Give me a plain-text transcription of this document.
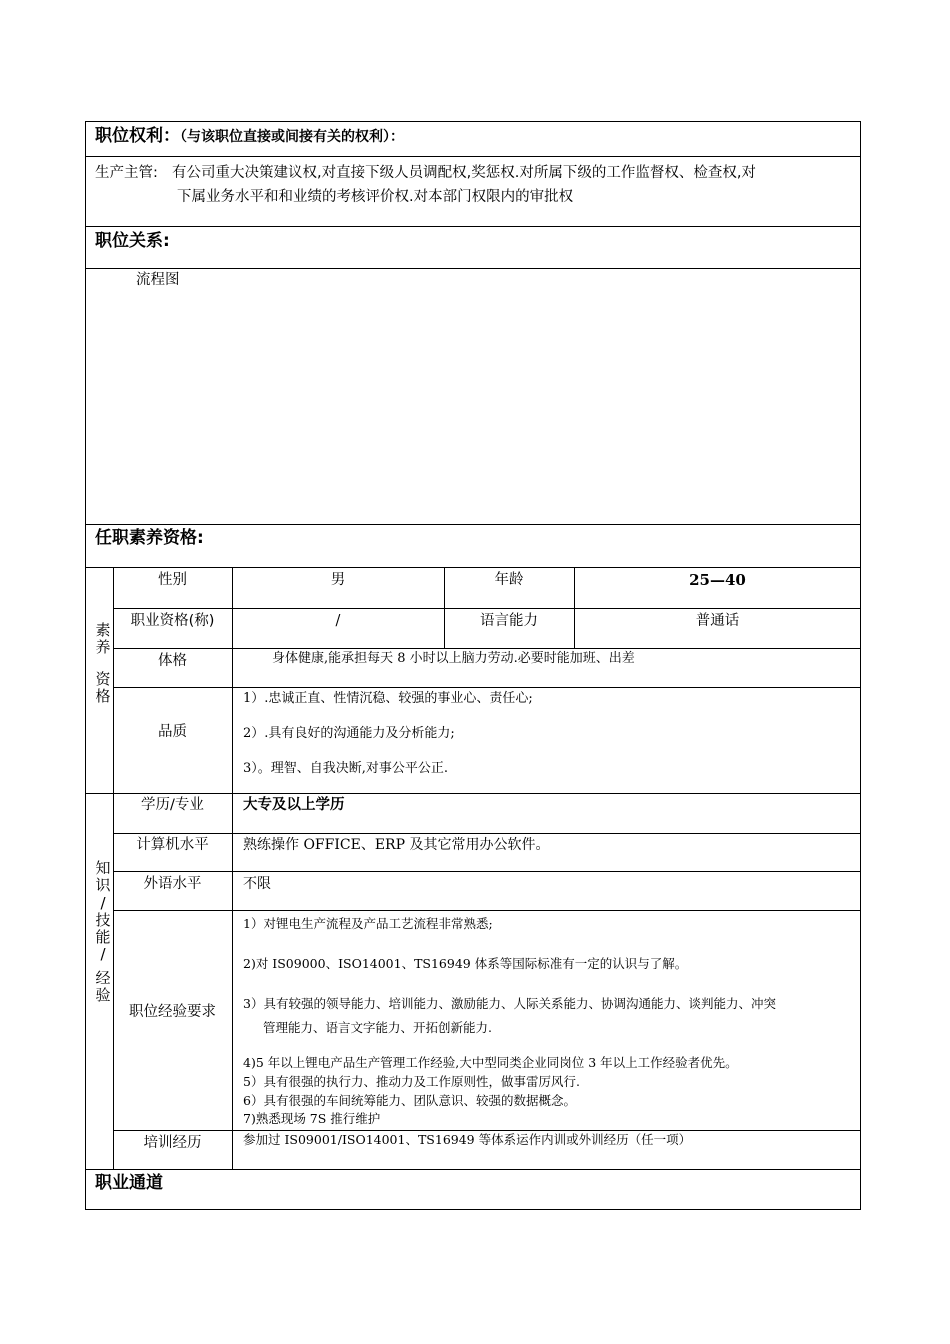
职位权利：（与该职位直接或间接有关的权利）：
生产主管: 有公司重大决策建议权,对直接下级人员调配权,奖惩权.对所属下级的工作监督权、检查权,对
下属业务水平和和业绩的考核评价权.对本部门权限内的审批权
职位关系:
流程图
任职素养资格:
素
养
资
格
性别	男	年龄	25—40
职业资格(称)	/	语言能力	普通话
体格	身体健康,能承担每天 8 小时以上脑力劳动.必要时能加班、出差
品质
1）.忠诚正直、性情沉稳、较强的事业心、责任心;
2）.具有良好的沟通能力及分析能力;
3）。理智、自我决断,对事公平公正.
知
识
/
技
能
/
经
验
学历/专业	大专及以上学历
计算机水平	熟练操作 OFFICE、ERP 及其它常用办公软件。
外语水平	不限
职位经验要求
1）对锂电生产流程及产品工艺流程非常熟悉;
2)对 IS09000、ISO14001、TS16949 体系等国际标准有一定的认识与了解。
3）具有较强的领导能力、培训能力、激励能力、人际关系能力、协调沟通能力、谈判能力、冲突
管理能力、语言文字能力、开拓创新能力.
4)5 年以上锂电产品生产管理工作经验,大中型同类企业同岗位 3 年以上工作经验者优先。
5）具有很强的执行力、推动力及工作原则性，做事雷厉风行.
6）具有很强的车间统筹能力、团队意识、较强的数据概念。
7)熟悉现场 7S 推行维护
培训经历	参加过 IS09001/ISO14001、TS16949 等体系运作内训或外训经历（任一项）
职业通道
